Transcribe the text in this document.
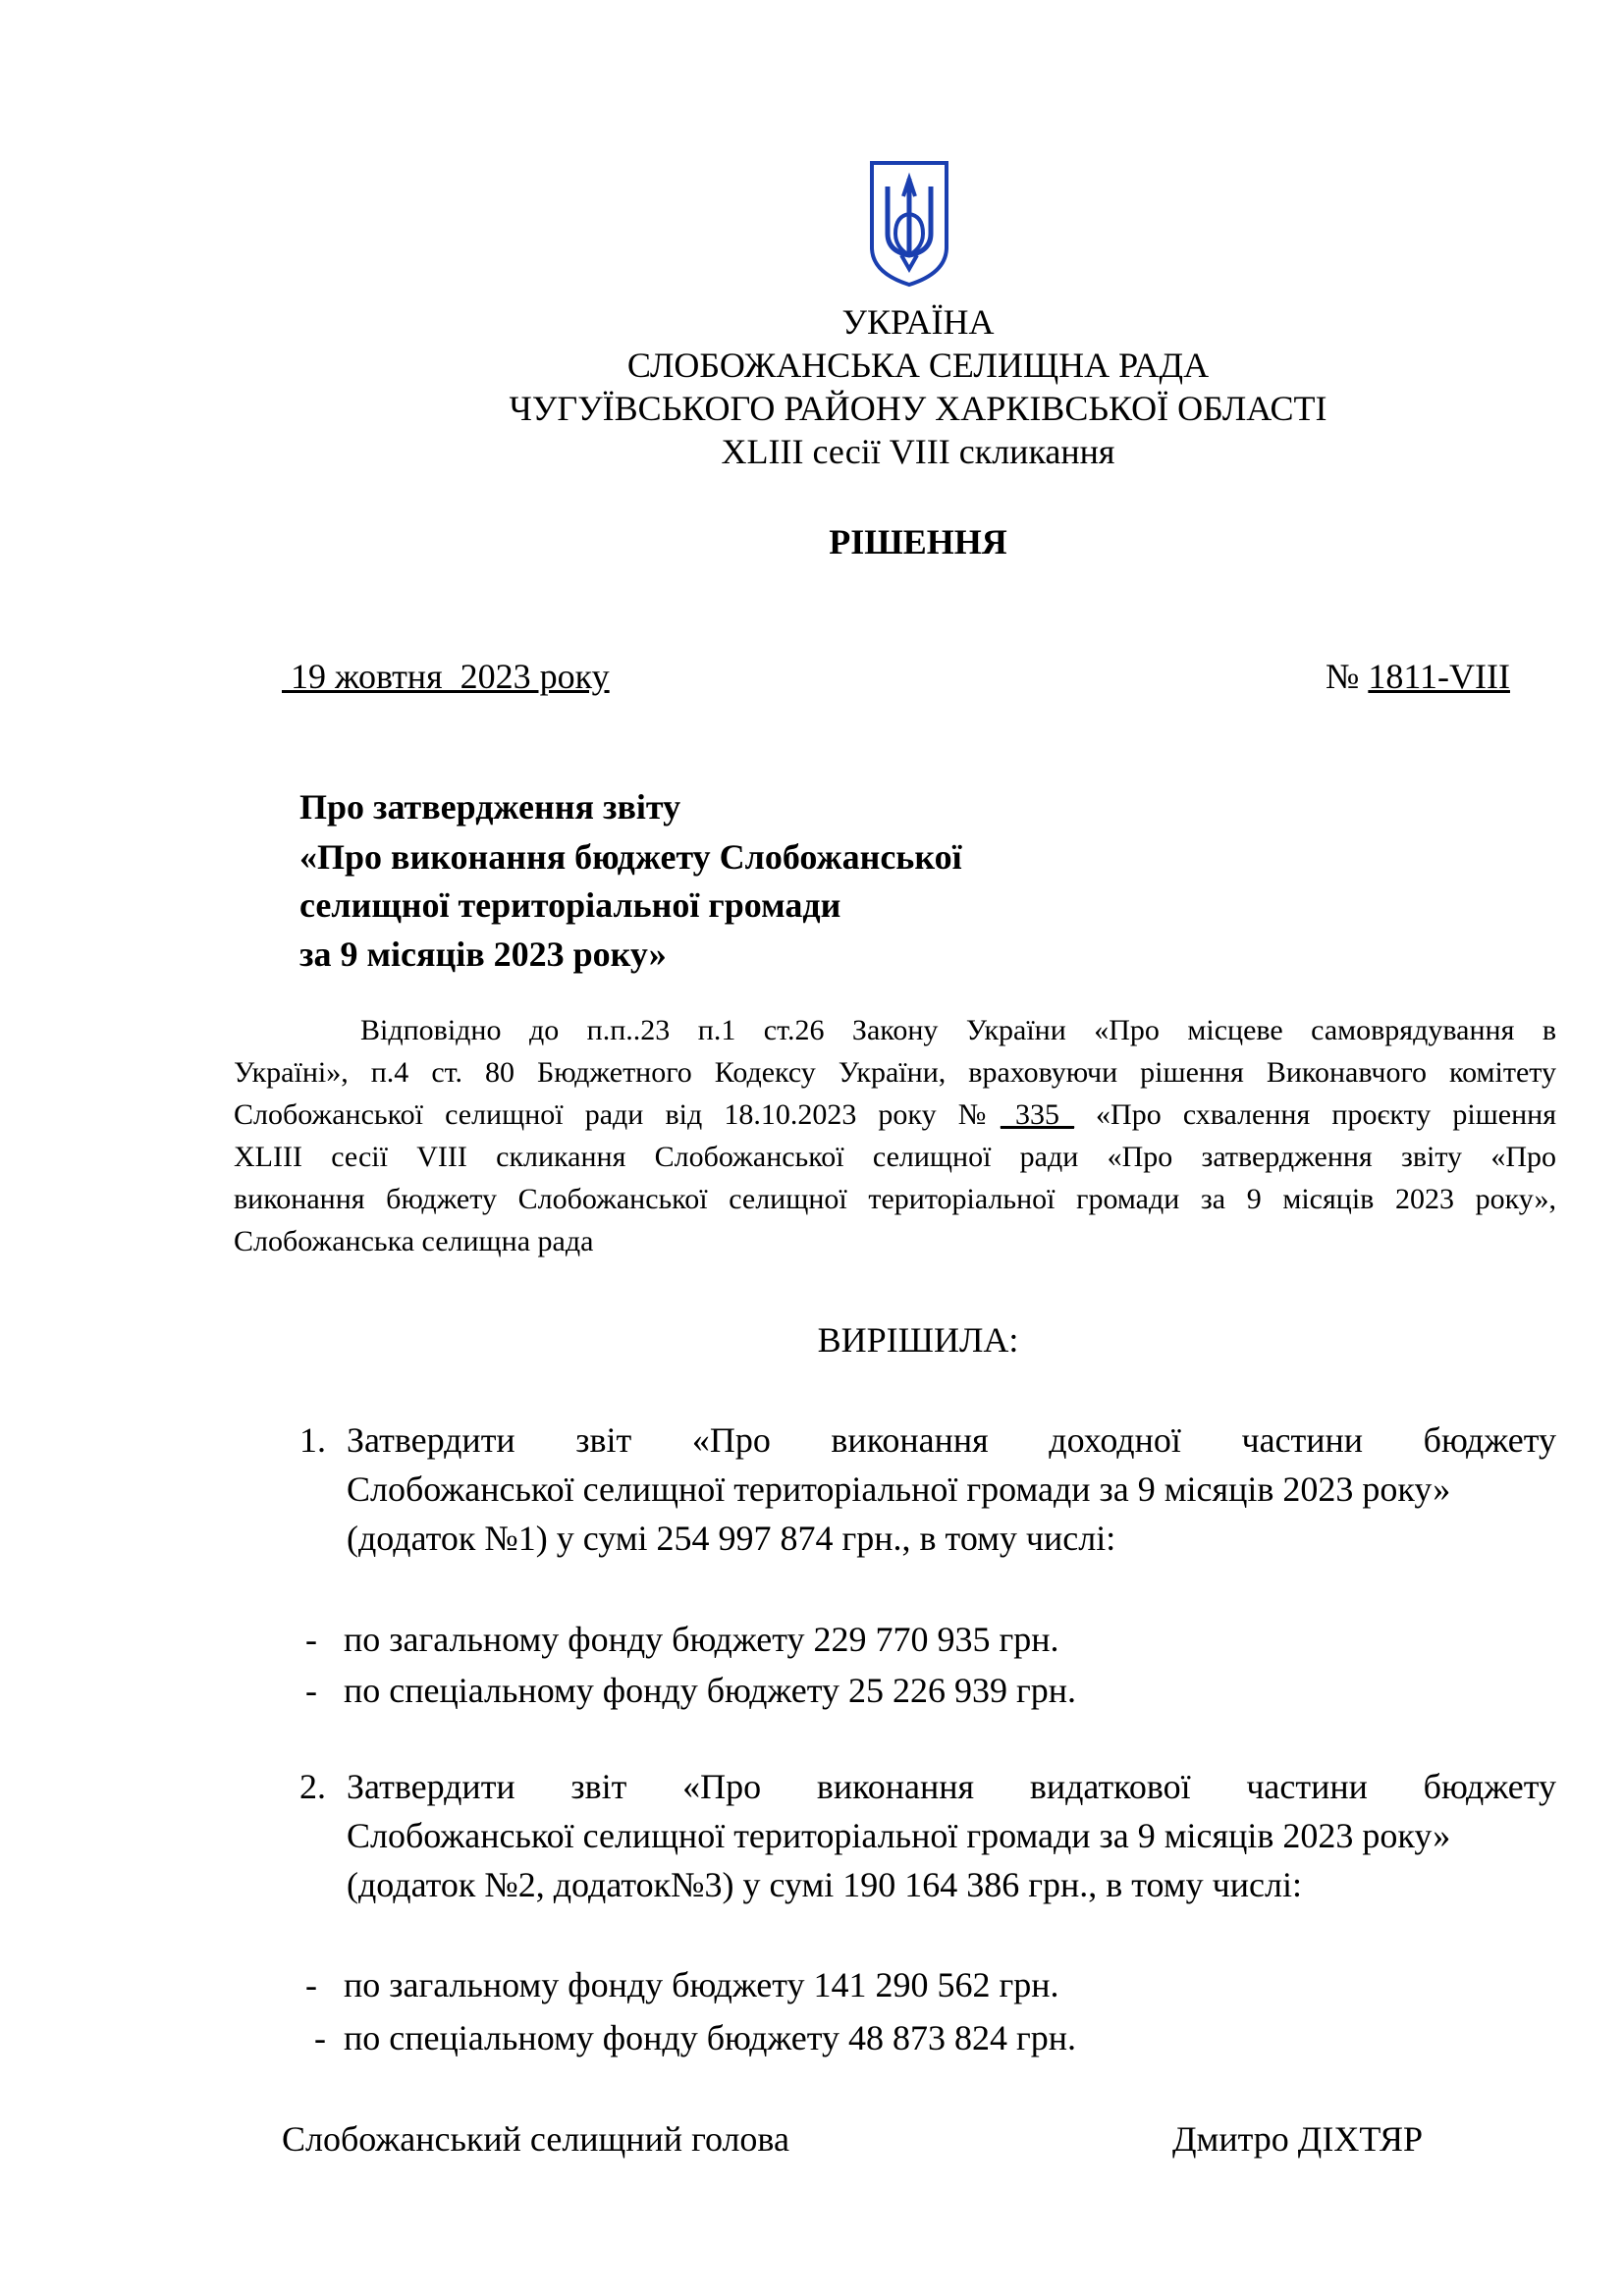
УКРАЇНА
СЛОБОЖАНСЬКА СЕЛИЩНА РАДА
ЧУГУЇВСЬКОГО РАЙОНУ ХАРКІВСЬКОЇ ОБЛАСТІ
XLIII сесії VIII скликання
РІШЕННЯ
19 жовтня  2023 року	№ 1811-VIII
Про затвердження звіту
«Про виконання бюджету Слобожанської
селищної територіальної громади
за 9 місяців 2023 року»
Відповідно до п.п..23 п.1 ст.26 Закону України «Про місцеве самоврядування в
Україні», п.4 ст. 80 Бюджетного Кодексу України, враховуючи рішення Виконавчого комітету
Слобожанської селищної ради від 18.10.2023 року №_335_ «Про схвалення проєкту рішення
XLIII сесії VIII скликання Слобожанської селищної ради «Про затвердження звіту «Про
виконання бюджету Слобожанської селищної територіальної громади за 9 місяців 2023 року»,
Слобожанська селищна рада
ВИРІШИЛА:
1. Затвердити звіт «Про виконання доходної частини бюджету
Слобожанської селищної територіальної громади за 9 місяців 2023 року»
(додаток №1) у сумі 254 997 874 грн., в тому числі:
-   по загальному фонду бюджету 229 770 935 грн.
-   по спеціальному фонду бюджету 25 226 939 грн.
2. Затвердити звіт «Про виконання видаткової частини бюджету
Слобожанської селищної територіальної громади за 9 місяців 2023 року»
(додаток №2, додаток№3) у сумі 190 164 386 грн., в тому числі:
-   по загальному фонду бюджету 141 290 562 грн.
-  по спеціальному фонду бюджету 48 873 824 грн.
Слобожанський селищний голова	Дмитро ДІХТЯР
